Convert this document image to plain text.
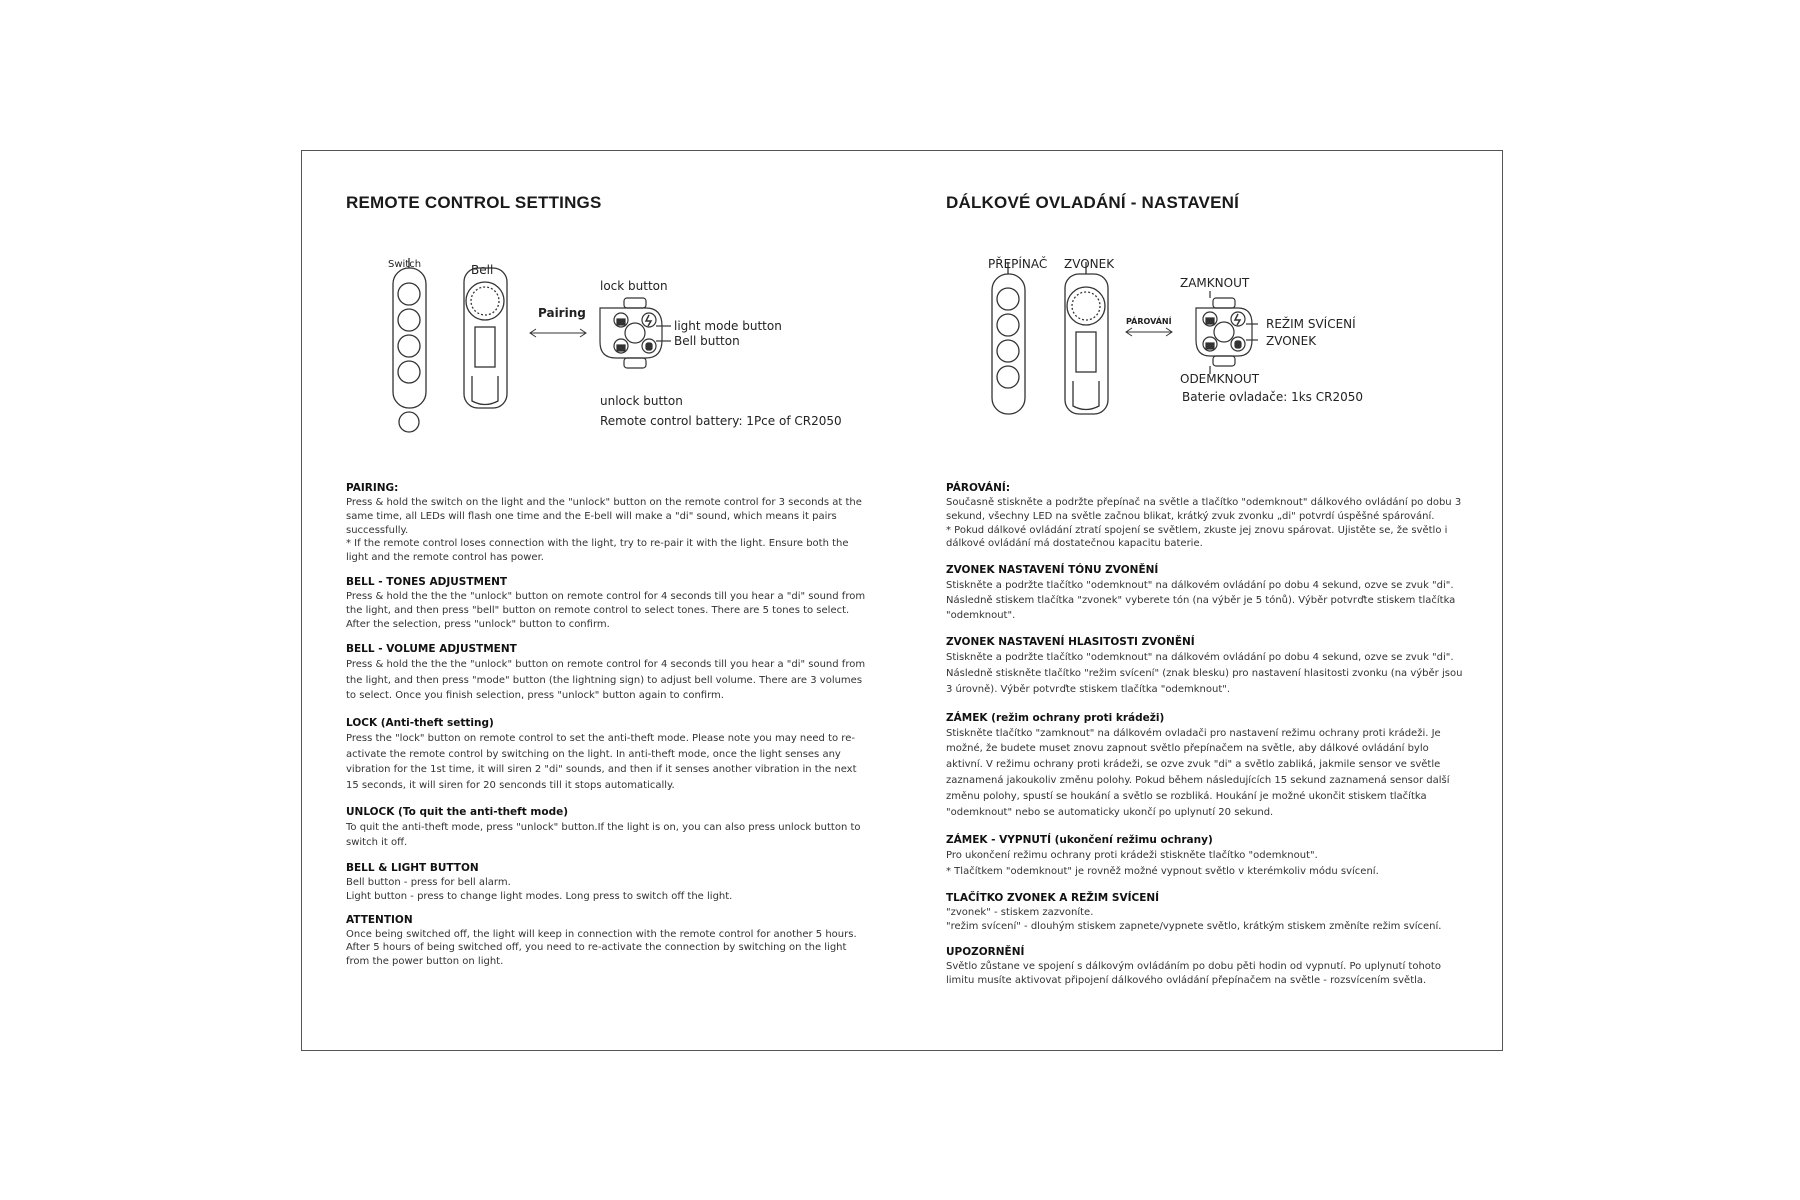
REMOTE CONTROL SETTINGS
Switch	Bell
Pairing
lock button
light mode button
Bell button
unlock button
Remote control battery: 1Pce of CR2050
PAIRING:

Press & hold the switch on the light and the "unlock" button on the remote control for 3 seconds at the same time, all LEDs will flash one time and the E-bell will make a "di" sound, which means it pairs successfully.

* If the remote control loses connection with the light, try to re-pair it with the light. Ensure both the light and the remote control has power.

BELL - TONES ADJUSTMENT

Press & hold the the the "unlock" button on remote control for 4 seconds till you hear a "di" sound from the light, and then press "bell" button on remote control to select tones. There are 5 tones to select. After the selection, press "unlock" button to confirm.

BELL - VOLUME ADJUSTMENT

Press & hold the the the "unlock" button on remote control for 4 seconds till you hear a "di" sound from the light, and then press "mode" button (the lightning sign) to adjust bell volume. There are 3 volumes to select. Once you finish selection, press "unlock" button again to confirm.

LOCK (Anti-theft setting)

Press the "lock" button on remote control to set the anti-theft mode. Please note you may need to re-activate the remote control by switching on the light. In anti-theft mode, once the light senses any vibration for the 1st time, it will siren 2 "di" sounds, and then if it senses another vibration in the next 15 seconds, it will siren for 20 senconds till it stops automatically.

UNLOCK (To quit the anti-theft mode)

To quit the anti-theft mode, press "unlock" button.If the light is on, you can also press unlock button to switch it off.

BELL & LIGHT BUTTON

Bell button - press for bell alarm.

Light button - press to change light modes. Long press to switch off the light.

ATTENTION

Once being switched off, the light will keep in connection with the remote control for another 5 hours. After 5 hours of being switched off, you need to re-activate the connection by switching on the light from the power button on light.

DÁLKOVÉ OVLADÁNÍ - NASTAVENÍ
PŘEPÍNAČ ZVONEK
PÁROVÁNÍ
ZAMKNOUT
REŽIM SVÍCENÍ
ZVONEK
ODEMKNOUT
Baterie ovladače: 1ks CR2050
PÁROVÁNÍ:

Současně stiskněte a podržte přepínač na světle a tlačítko "odemknout" dálkového ovládání po dobu 3 sekund, všechny LED na světle začnou blikat, krátký zvuk zvonku „di" potvrdí úspěšné spárování.

* Pokud dálkové ovládání ztratí spojení se světlem, zkuste jej znovu spárovat. Ujistěte se, že světlo i dálkové ovládání má dostatečnou kapacitu baterie.

ZVONEK NASTAVENÍ TÓNU ZVONĚNÍ

Stiskněte a podržte tlačítko "odemknout" na dálkovém ovládání po dobu 4 sekund, ozve se zvuk "di". Následně stiskem tlačítka "zvonek" vyberete tón (na výběr je 5 tónů). Výběr potvrďte stiskem tlačítka "odemknout".

ZVONEK NASTAVENÍ HLASITOSTI ZVONĚNÍ

Stiskněte a podržte tlačítko "odemknout" na dálkovém ovládání po dobu 4 sekund, ozve se zvuk "di". Následně stiskněte tlačítko "režim svícení" (znak blesku) pro nastavení hlasitosti zvonku (na výběr jsou 3 úrovně). Výběr potvrďte stiskem tlačítka "odemknout".

ZÁMEK (režim ochrany proti krádeži)

Stiskněte tlačítko "zamknout" na dálkovém ovladači pro nastavení režimu ochrany proti krádeži. Je možné, že budete muset znovu zapnout světlo přepínačem na světle, aby dálkové ovládání bylo aktivní. V režimu ochrany proti krádeži, se ozve zvuk "di" a světlo zabliká, jakmile sensor ve světle zaznamená jakoukoliv změnu polohy. Pokud během následujících 15 sekund zaznamená sensor další změnu polohy, spustí se houkání a světlo se rozbliká. Houkání je možné ukončit stiskem tlačítka "odemknout" nebo se automaticky ukončí po uplynutí 20 sekund.

ZÁMEK - VYPNUTÍ (ukončení režimu ochrany)

Pro ukončení režimu ochrany proti krádeži stiskněte tlačítko "odemknout".

* Tlačítkem "odemknout" je rovněž možné vypnout světlo v kterémkoliv módu svícení.

TLAČÍTKO ZVONEK A REŽIM SVÍCENÍ

"zvonek" - stiskem zazvoníte.

"režim svícení" - dlouhým stiskem zapnete/vypnete světlo, krátkým stiskem změníte režim svícení.

UPOZORNĚNÍ

Světlo zůstane ve spojení s dálkovým ovládáním po dobu pěti hodin od vypnutí. Po uplynutí tohoto limitu musíte aktivovat připojení dálkového ovládání přepínačem na světle - rozsvícením světla.
